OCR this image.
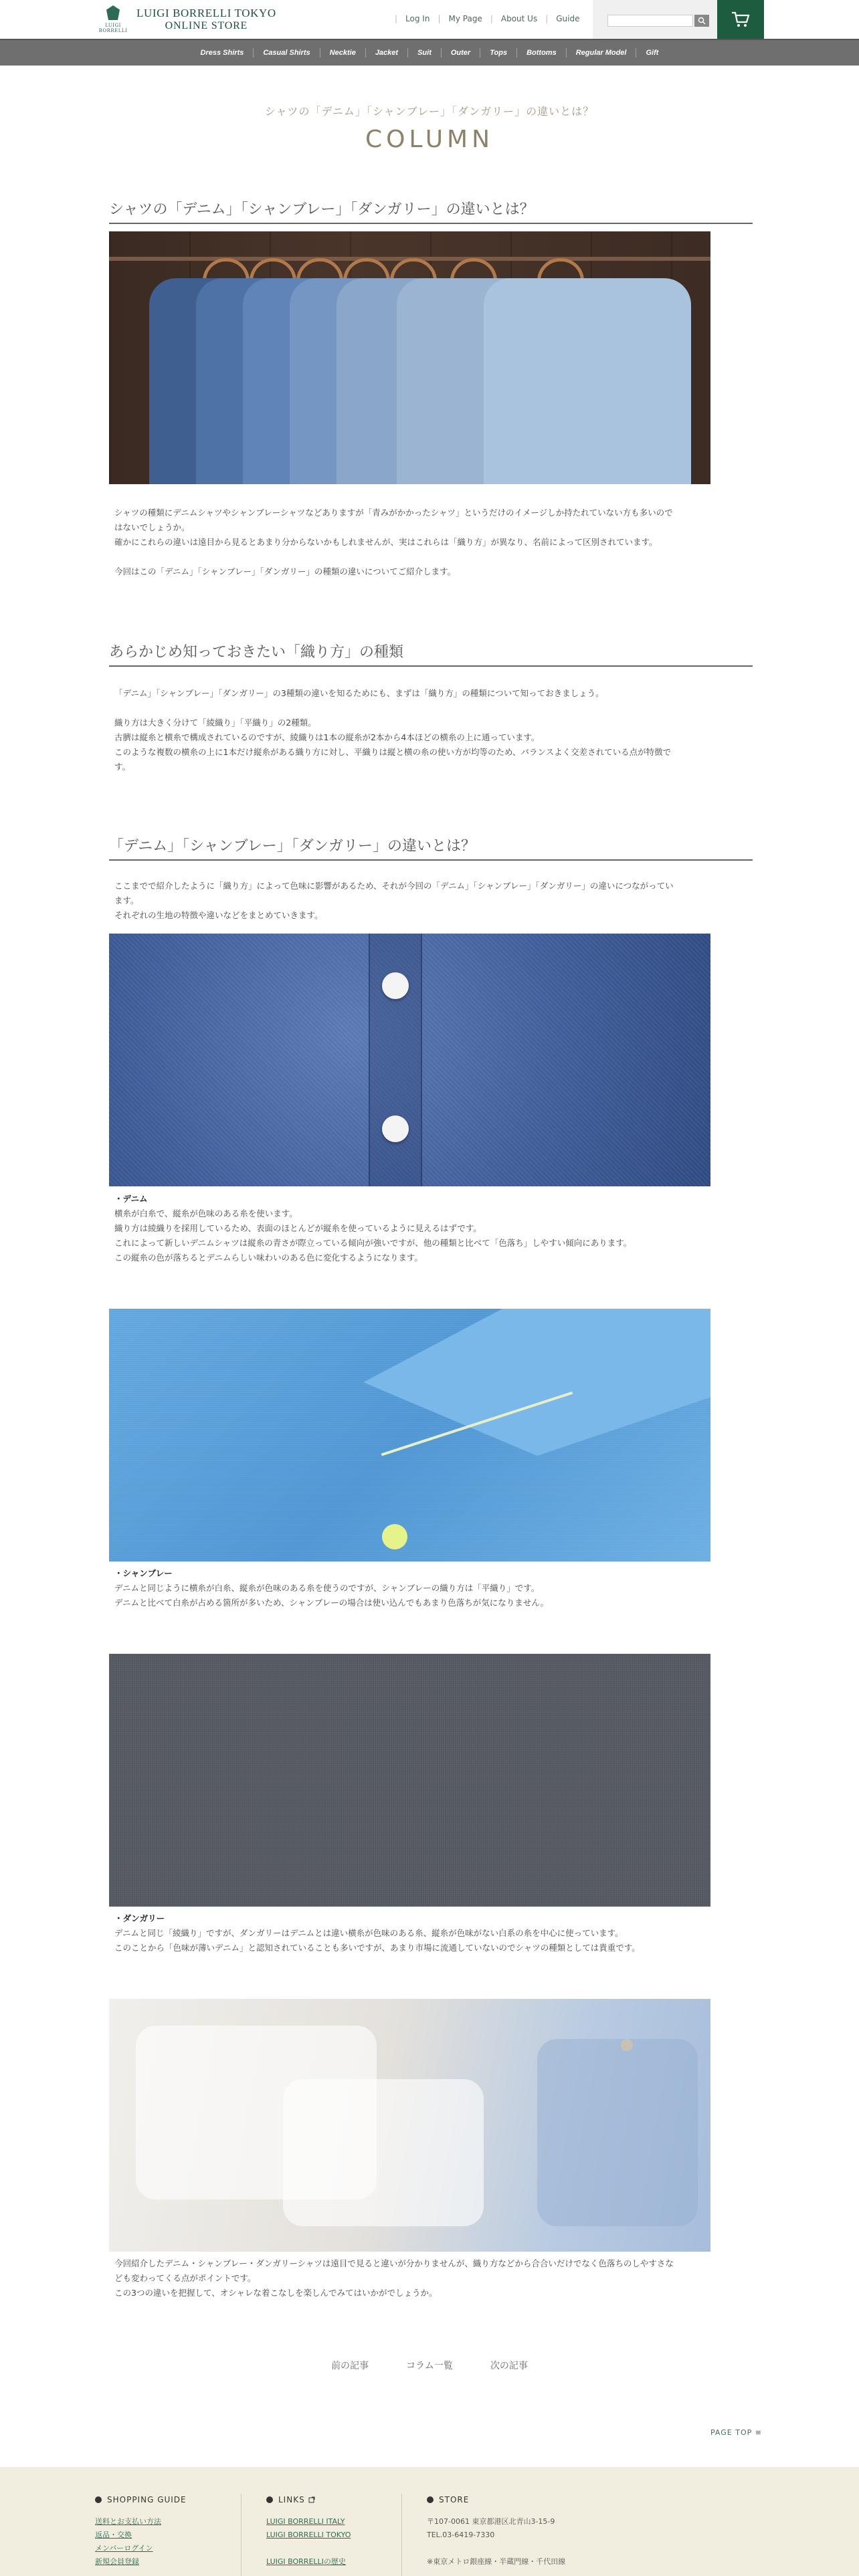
LUIGI BORRELLI
LUIGI BORRELLI TOKYO
ONLINE STORE
| Log In | My Page | About Us | Guide
Dress Shirts	Casual Shirts	Necktie	Jacket	Suit	Outer	Tops	Bottoms	Regular Model	Gift
シャツの「デニム」「シャンブレー」「ダンガリー」の違いとは？
COLUMN
シャツの「デニム」「シャンブレー」「ダンガリー」の違いとは？

シャツの種類にデニムシャツやシャンブレーシャツなどありますが「青みがかかったシャツ」というだけのイメージしか持たれていない方も多いので

はないでしょうか。

確かにこれらの違いは遠目から見るとあまり分からないかもしれませんが、実はこれらは「織り方」が異なり、名前によって区別されています。

今回はこの「デニム」「シャンブレー」「ダンガリー」の種類の違いについてご紹介します。

あらかじめ知っておきたい「織り方」の種類

「デニム」「シャンブレー」「ダンガリー」の3種類の違いを知るためにも、まずは「織り方」の種類について知っておきましょう。

織り方は大きく分けて「綾織り」「平織り」の2種類。

古臍は縦糸と横糸で構成されているのですが、綾織りは1本の縦糸が2本から4本ほどの横糸の上に通っています。

このような複数の横糸の上に1本だけ縦糸がある織り方に対し、平織りは縦と横の糸の使い方が均等のため、バランスよく交差されている点が特徴で

す。

「デニム」「シャンブレー」「ダンガリー」の違いとは？

ここまでで紹介したように「織り方」によって色味に影響があるため、それが今回の「デニム」「シャンブレー」「ダンガリー」の違いにつながってい

ます。

それぞれの生地の特徴や違いなどをまとめていきます。

・デニム

横糸が白糸で、縦糸が色味のある糸を使います。

織り方は綾織りを採用しているため、表面のほとんどが縦糸を使っているように見えるはずです。

これによって新しいデニムシャツは縦糸の青さが際立っている傾向が強いですが、他の種類と比べて「色落ち」しやすい傾向にあります。

この縦糸の色が落ちるとデニムらしい味わいのある色に変化するようになります。

・シャンブレー

デニムと同じように横糸が白糸、縦糸が色味のある糸を使うのですが、シャンブレーの織り方は「平織り」です。

デニムと比べて白糸が占める箇所が多いため、シャンブレーの場合は使い込んでもあまり色落ちが気になりません。

・ダンガリー

デニムと同じ「綾織り」ですが、ダンガリーはデニムとは違い横糸が色味のある糸、縦糸が色味がない白系の糸を中心に使っています。

このことから「色味が薄いデニム」と認知されていることも多いですが、あまり市場に流通していないのでシャツの種類としては貴重です。

今回紹介したデニム・シャンブレー・ダンガリーシャツは遠目で見ると違いが分かりませんが、織り方などから合合いだけでなく色落ちのしやすさな

ども変わってくる点がポイントです。

この3つの違いを把握して、オシャレな着こなしを楽しんでみてはいかがでしょうか。

前の記事	コラム一覧	次の記事
PAGE TOP ≡
SHOPPING GUIDE
送料とお支払い方法
返品・交換
メンバーログイン
新規会員登録
LINKS
LUIGI BORRELLI ITALY
LUIGI BORRELLI TOKYO
LUIGI BORRELLIの歴史
STORE
〒107-0061 東京都港区北青山3-15-9
TEL.03-6419-7330
※東京メトロ銀座線・半蔵門線・千代田線
